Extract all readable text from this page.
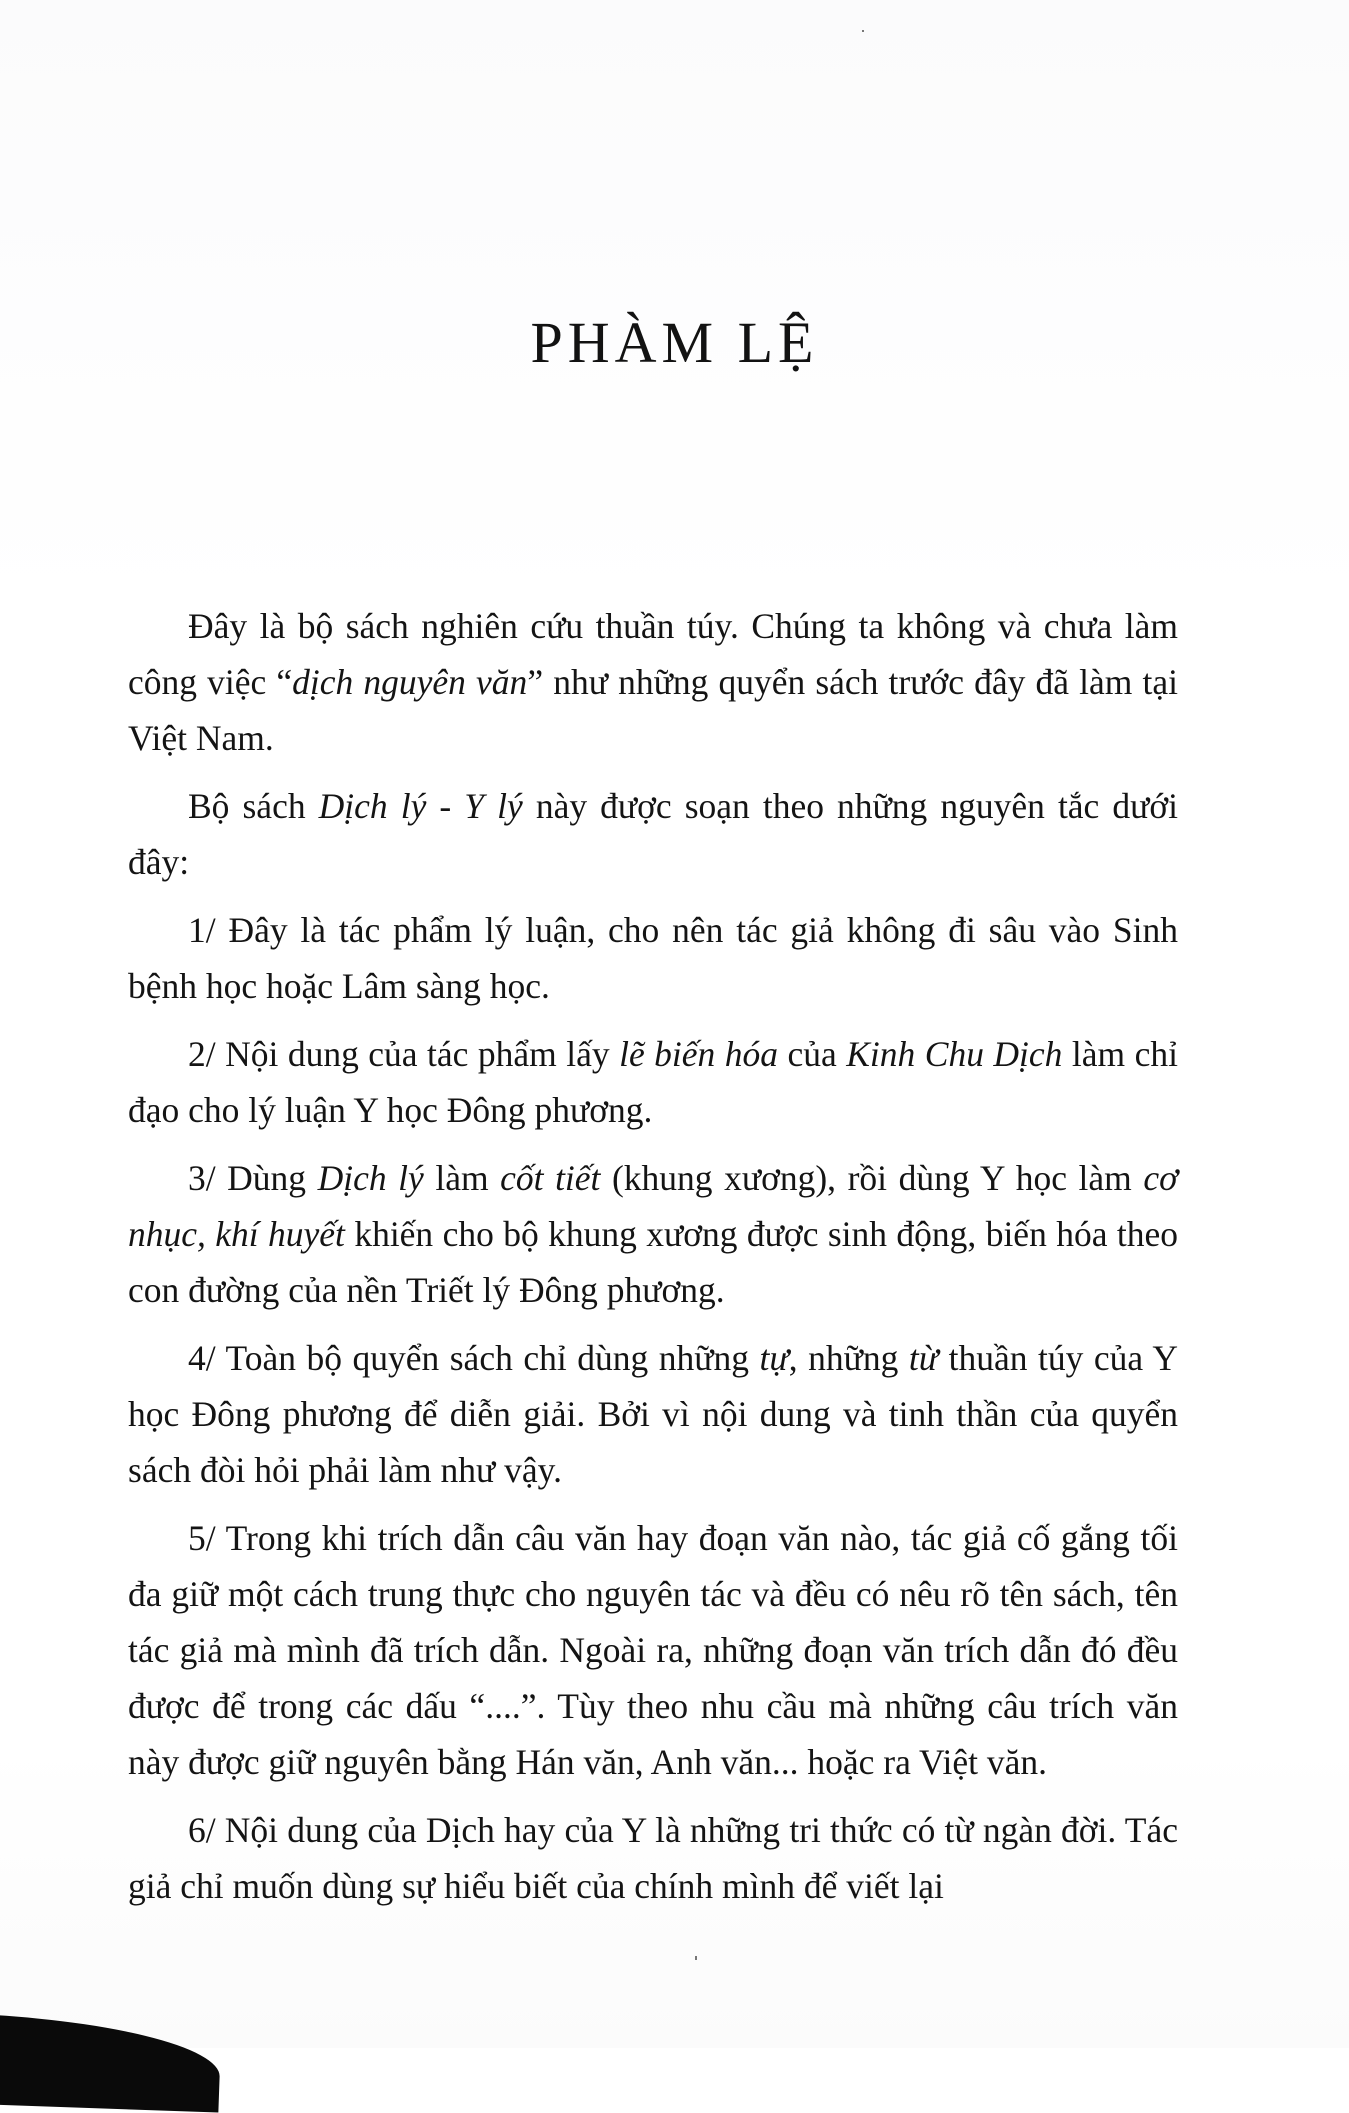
PHÀM LỆ

Đây là bộ sách nghiên cứu thuần túy. Chúng ta không và chưa làm công việc “dịch nguyên văn” như những quyển sách trước đây đã làm tại Việt Nam.

Bộ sách Dịch lý - Y lý này được soạn theo những nguyên tắc dưới đây:

1/ Đây là tác phẩm lý luận, cho nên tác giả không đi sâu vào Sinh bệnh học hoặc Lâm sàng học.

2/ Nội dung của tác phẩm lấy lẽ biến hóa của Kinh Chu Dịch làm chỉ đạo cho lý luận Y học Đông phương.

3/ Dùng Dịch lý làm cốt tiết (khung xương), rồi dùng Y học làm cơ nhục, khí huyết khiến cho bộ khung xương được sinh động, biến hóa theo con đường của nền Triết lý Đông phương.

4/ Toàn bộ quyển sách chỉ dùng những tự, những từ thuần túy của Y học Đông phương để diễn giải. Bởi vì nội dung và tinh thần của quyển sách đòi hỏi phải làm như vậy.

5/ Trong khi trích dẫn câu văn hay đoạn văn nào, tác giả cố gắng tối đa giữ một cách trung thực cho nguyên tác và đều có nêu rõ tên sách, tên tác giả mà mình đã trích dẫn. Ngoài ra, những đoạn văn trích dẫn đó đều được để trong các dấu “....”. Tùy theo nhu cầu mà những câu trích văn này được giữ nguyên bằng Hán văn, Anh văn... hoặc ra Việt văn.

6/ Nội dung của Dịch hay của Y là những tri thức có từ ngàn đời. Tác giả chỉ muốn dùng sự hiểu biết của chính mình để viết lại
